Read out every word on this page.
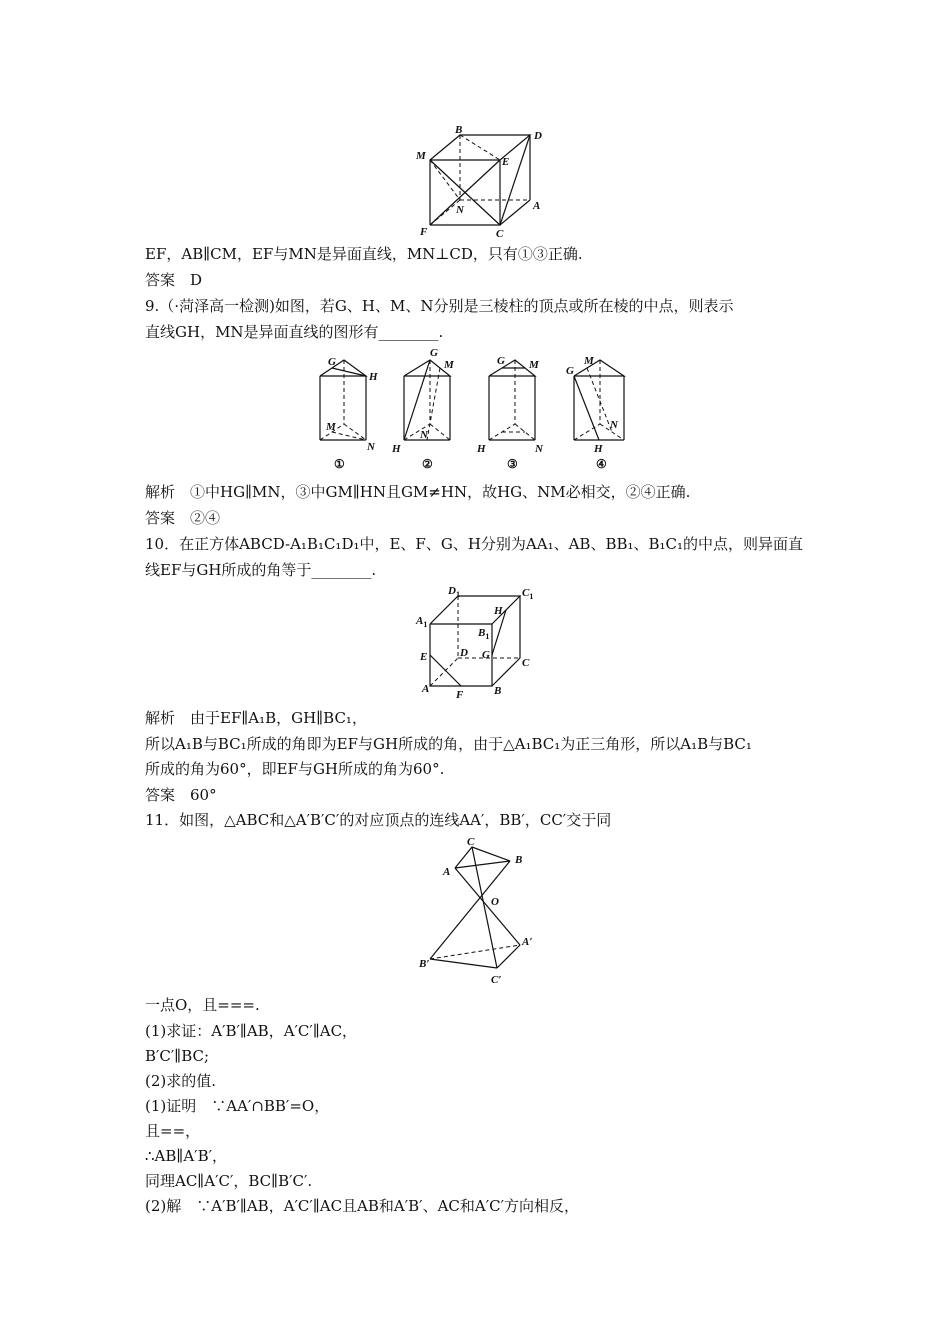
B	D
M	E
N	A
F	C
EF，AB∥CM，EF与MN是异面直线，MN⊥CD，只有①③正确.
答案　D
9.（·菏泽高一检测)如图，若G、H、M、N分别是三棱柱的顶点或所在棱的中点，则表示
直线GH，MN是异面直线的图形有________.
G
H
M
N
①
G
M
H
N
②
G M
H	N
③
M
G
N
H
④
解析　①中HG∥MN，③中GM∥HN且GM≠HN，故HG、NM必相交，②④正确.
答案　②④
10．在正方体ABCD-A₁B₁C₁D₁中，E、F、G、H分别为AA₁、AB、BB₁、B₁C₁的中点，则异面直
线EF与GH所成的角等于________.
$D_1$	$C_1$
H
$A_1$
$B_1$
E	D G
C
A F	B
解析　由于EF∥A₁B，GH∥BC₁，
所以A₁B与BC₁所成的角即为EF与GH所成的角，由于△A₁BC₁为正三角形，所以A₁B与BC₁
所成的角为60°，即EF与GH所成的角为60°.
答案　60°
11．如图，△ABC和△A′B′C′的对应顶点的连线AA′，BB′，CC′交于同
C
B
A
O
A′
B′
C′
一点O，且===.
(1)求证：A′B′∥AB，A′C′∥AC，
B′C′∥BC;
(2)求的值.
(1)证明　∵AA′∩BB′=O，
且==，
∴AB∥A′B′，
同理AC∥A′C′，BC∥B′C′.
(2)解　∵A′B′∥AB，A′C′∥AC且AB和A′B′、AC和A′C′方向相反，
